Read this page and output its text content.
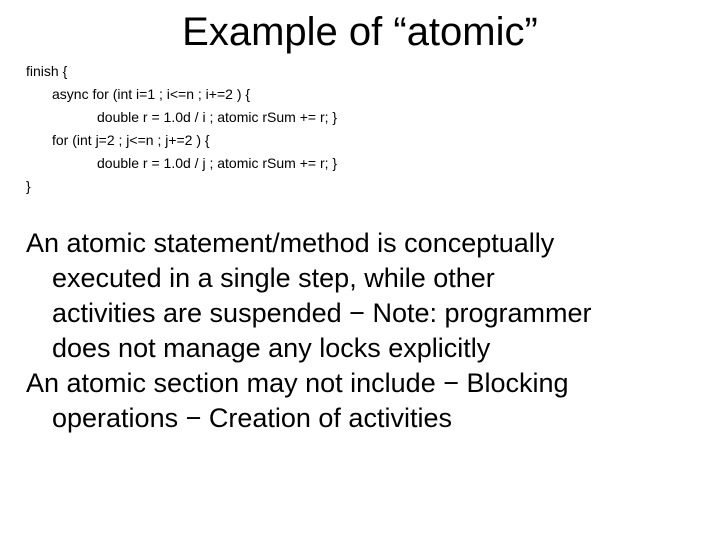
Example of “atomic”
finish {
async for (int i=1 ; i<=n ; i+=2 ) {
double r = 1.0d / i ; atomic rSum += r; }
for (int j=2 ; j<=n ; j+=2 ) {
double r = 1.0d / j ; atomic rSum += r; }
}
An atomic statement/method is conceptually
executed in a single step, while other
activities are suspended − Note: programmer
does not manage any locks explicitly
An atomic section may not include − Blocking
operations − Creation of activities
